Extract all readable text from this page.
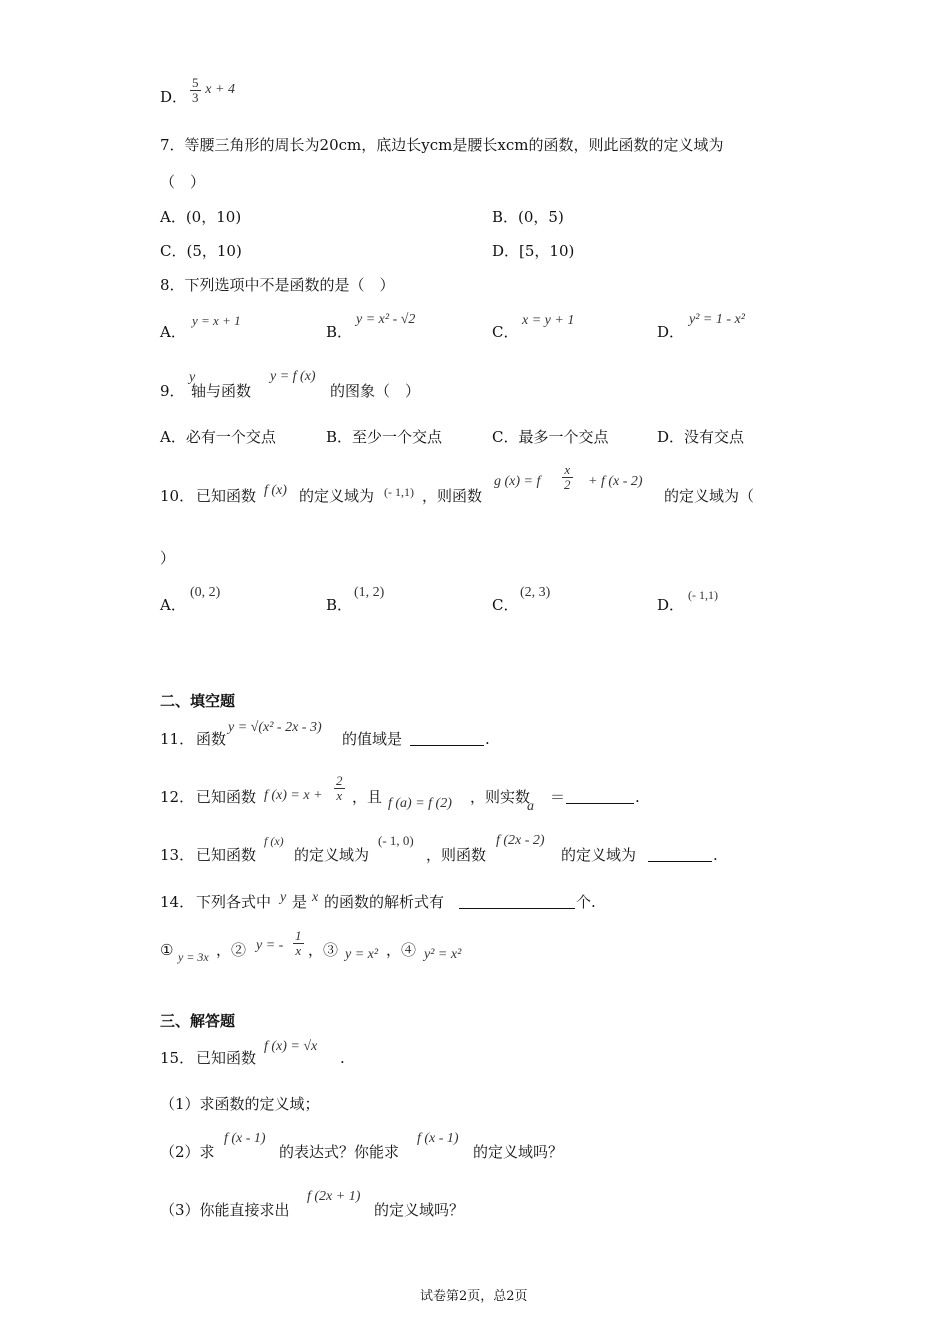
D． $\frac{5}{3}$ x + 4
7．等腰三角形的周长为20cm，底边长ycm是腰长xcm的函数，则此函数的定义域为
（　）
A．(0，10)	B．(0，5)
C．(5，10)	D．[5，10)
8．下列选项中不是函数的是（　）
A．
y = x + 1
B．
y = x² - √2
C．
x = y + 1
D．
y² = 1 - x²
9．
y
轴与函数
y = f (x)
的图象（　）
A．必有一个交点	B．至少一个交点	C．最多一个交点	D．没有交点
10． 已知函数 f (x) 的定义域为 (- 1,1) ，则函数
g (x) = f $\frac{x}{2} + f$ (x - 2)
的定义域为（
）
A．
(0, 2)
B．
(1, 2)
C．
(2, 3)
D．
(- 1,1)
二、填空题
11． 函数
y = √(x² - 2x - 3)
的值域是	.
12． 已知函数 f $(x) = x + \frac{2}{x}$ ，且 f (a) = f (2) ，则实数
a
＝	.
13． 已知函数
f (x)
的定义域为
(- 1, 0)
，则函数
f (2x - 2)
的定义域为	.
14． 下列各式中 y 是 x 的函数的解析式有	个.
① y = 3x ，② y = - $\frac{1}{x}$ ，③ y = x² ，④ y² = x²
三、解答题
15． 已知函数
f (x) = √x
.
（1）求函数的定义域；
（2）求
f (x - 1)
的表达式？你能求
f (x - 1)
的定义域吗？
（3）你能直接求出
f (2x + 1)
的定义域吗？
试卷第2页，总2页
